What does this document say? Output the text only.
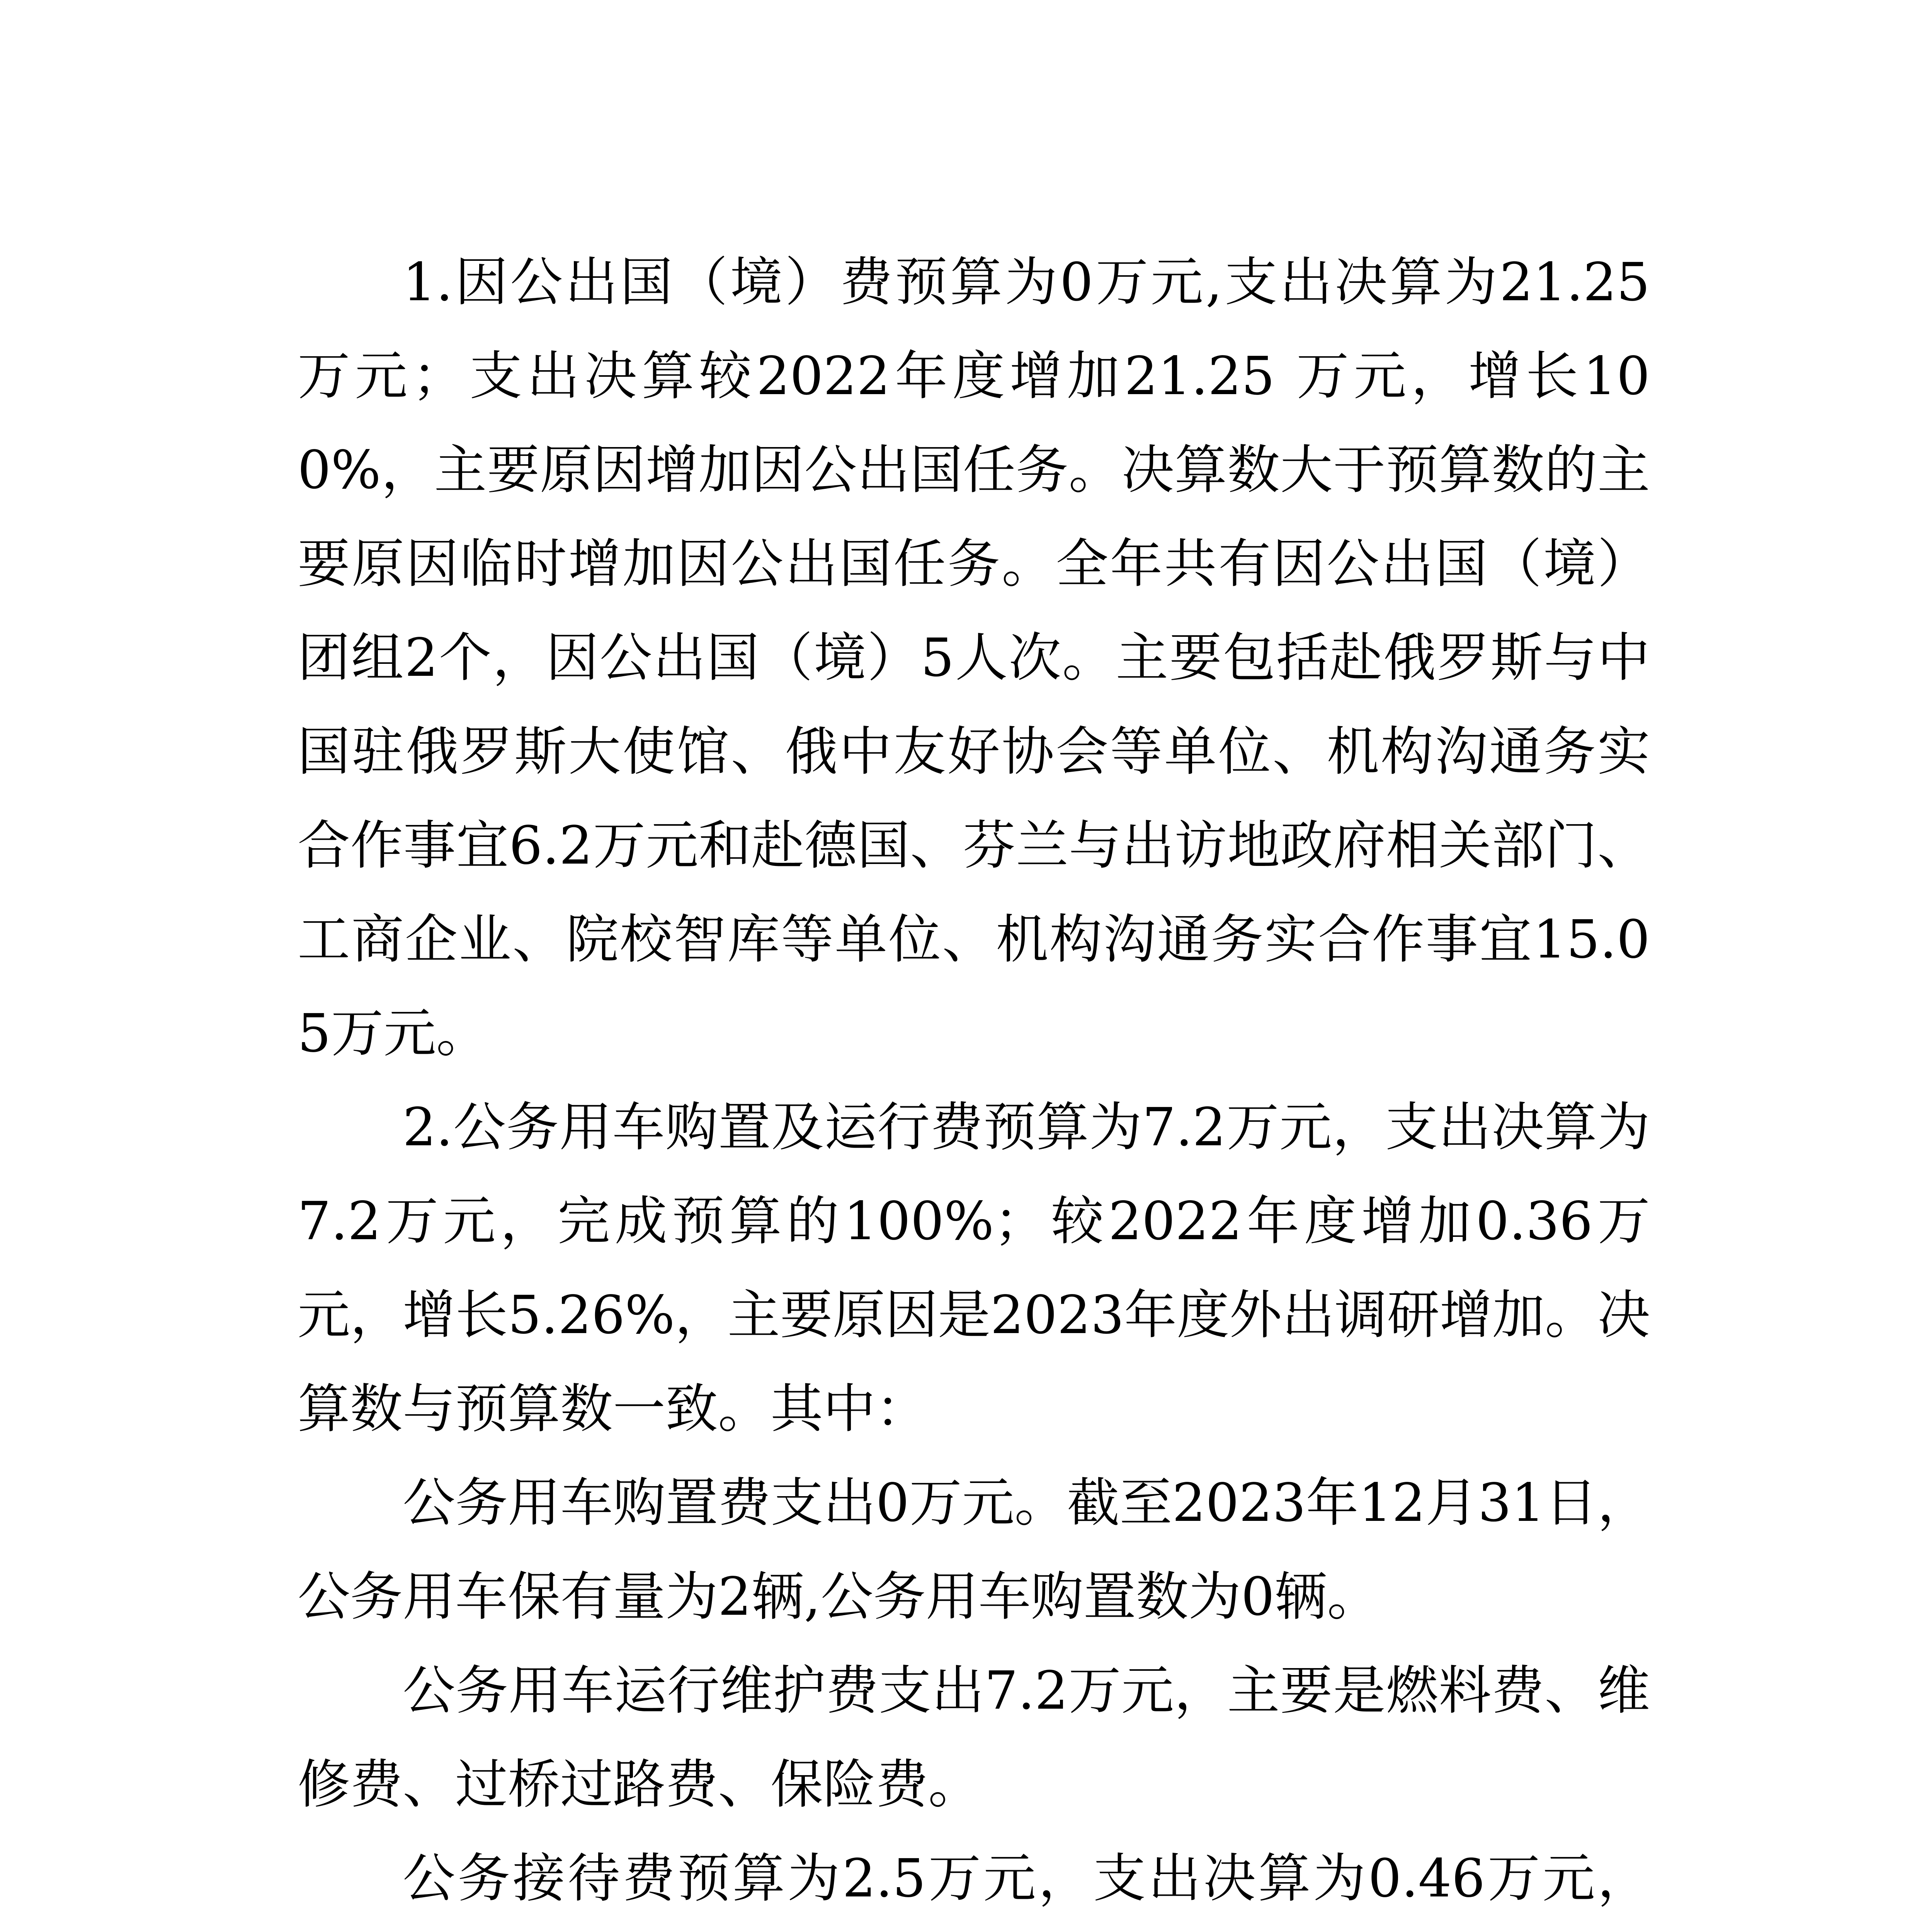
1.因公出国（境）费预算为0万元,支出决算为21.25万元；支出决算较2022年度增加21.25 万元，增长100%，主要原因增加因公出国任务。决算数大于预算数的主要原因临时增加因公出国任务。全年共有因公出国（境）团组2个，因公出国（境）5人次。主要包括赴俄罗斯与中国驻俄罗斯大使馆、俄中友好协会等单位、机构沟通务实合作事宜6.2万元和赴德国、芬兰与出访地政府相关部门、工商企业、院校智库等单位、机构沟通务实合作事宜15.05万元。

2.公务用车购置及运行费预算为7.2万元，支出决算为7.2万元，完成预算的100%；较2022年度增加0.36万元，增长5.26%，主要原因是2023年度外出调研增加。决算数与预算数一致。其中：

公务用车购置费支出0万元。截至2023年12月31日，公务用车保有量为2辆,公务用车购置数为0辆。

公务用车运行维护费支出7.2万元，主要是燃料费、维修费、过桥过路费、保险费。

公务接待费预算为2.5万元，支出决算为0.46万元，
